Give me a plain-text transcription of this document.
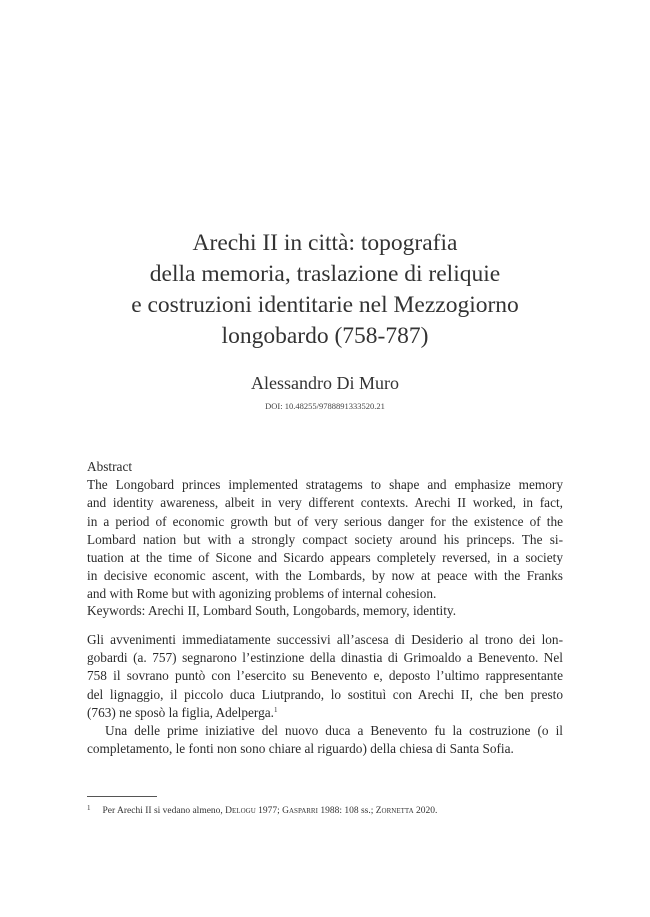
Arechi II in città: topografia
della memoria, traslazione di reliquie
e costruzioni identitarie nel Mezzogiorno
longobardo (758-787)
Alessandro Di Muro
DOI: 10.48255/9788891333520.21
Abstract
The Longobard princes implemented stratagems to shape and emphasize memory
and identity awareness, albeit in very different contexts. Arechi II worked, in fact,
in a period of economic growth but of very serious danger for the existence of the
Lombard nation but with a strongly compact society around his princeps. The si-
tuation at the time of Sicone and Sicardo appears completely reversed, in a society
in decisive economic ascent, with the Lombards, by now at peace with the Franks
and with Rome but with agonizing problems of internal cohesion.
Keywords: Arechi II, Lombard South, Longobards, memory, identity.
Gli avvenimenti immediatamente successivi all’ascesa di Desiderio al trono dei lon-
gobardi (a. 757) segnarono l’estinzione della dinastia di Grimoaldo a Benevento. Nel
758 il sovrano puntò con l’esercito su Benevento e, deposto l’ultimo rappresentante
del lignaggio, il piccolo duca Liutprando, lo sostituì con Arechi II, che ben presto
(763) ne sposò la figlia, Adelperga.$^1$
Una delle prime iniziative del nuovo duca a Benevento fu la costruzione (o il
completamento, le fonti non sono chiare al riguardo) della chiesa di Santa Sofia.
$^1$ Per Arechi II si vedano almeno, Delogu 1977; Gasparri 1988: 108 ss.; Zornetta 2020.
